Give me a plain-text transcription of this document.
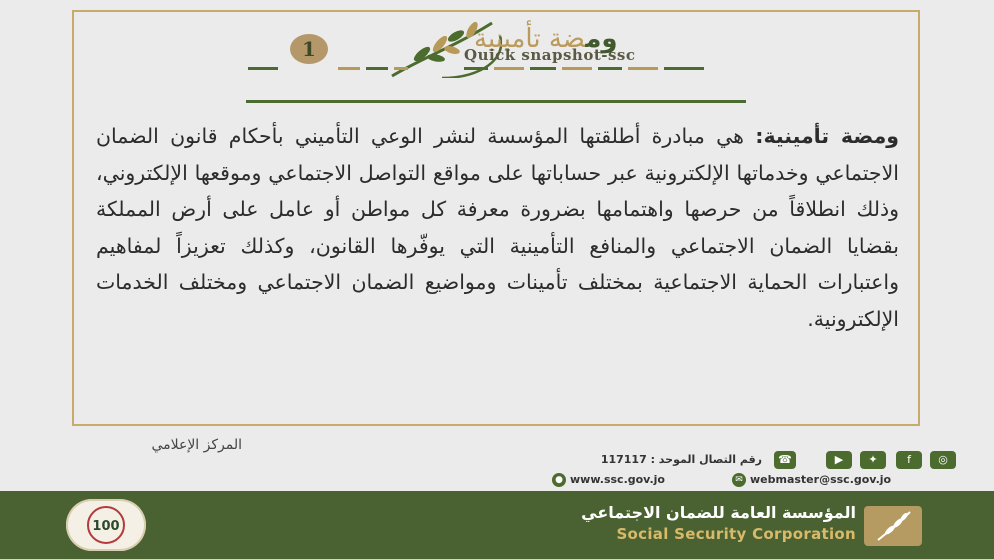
1	ومضة تأمينية
Quick snapshot-ssc
ومضة تأمينية: هي مبادرة أطلقتها المؤسسة لنشر الوعي التأميني بأحكام قانون الضمان الاجتماعي وخدماتها الإلكترونية عبر حساباتها على مواقع التواصل الاجتماعي وموقعها الإلكتروني، وذلك انطلاقاً من حرصها واهتمامها بضرورة معرفة كل مواطن أو عامل على أرض المملكة بقضايا الضمان الاجتماعي والمنافع التأمينية التي يوفّرها القانون، وكذلك تعزيزاً لمفاهيم واعتبارات الحماية الاجتماعية بمختلف تأمينات ومواضيع الضمان الاجتماعي ومختلف الخدمات الإلكترونية.
المركز الإعلامي
رقم التصال الموحد : 117117	☎	▶	✦	f	◎
● www.ssc.gov.jo	✉ webmaster@ssc.gov.jo
100
المؤسسة العامة للضمان الاجتماعي
Social Security Corporation
